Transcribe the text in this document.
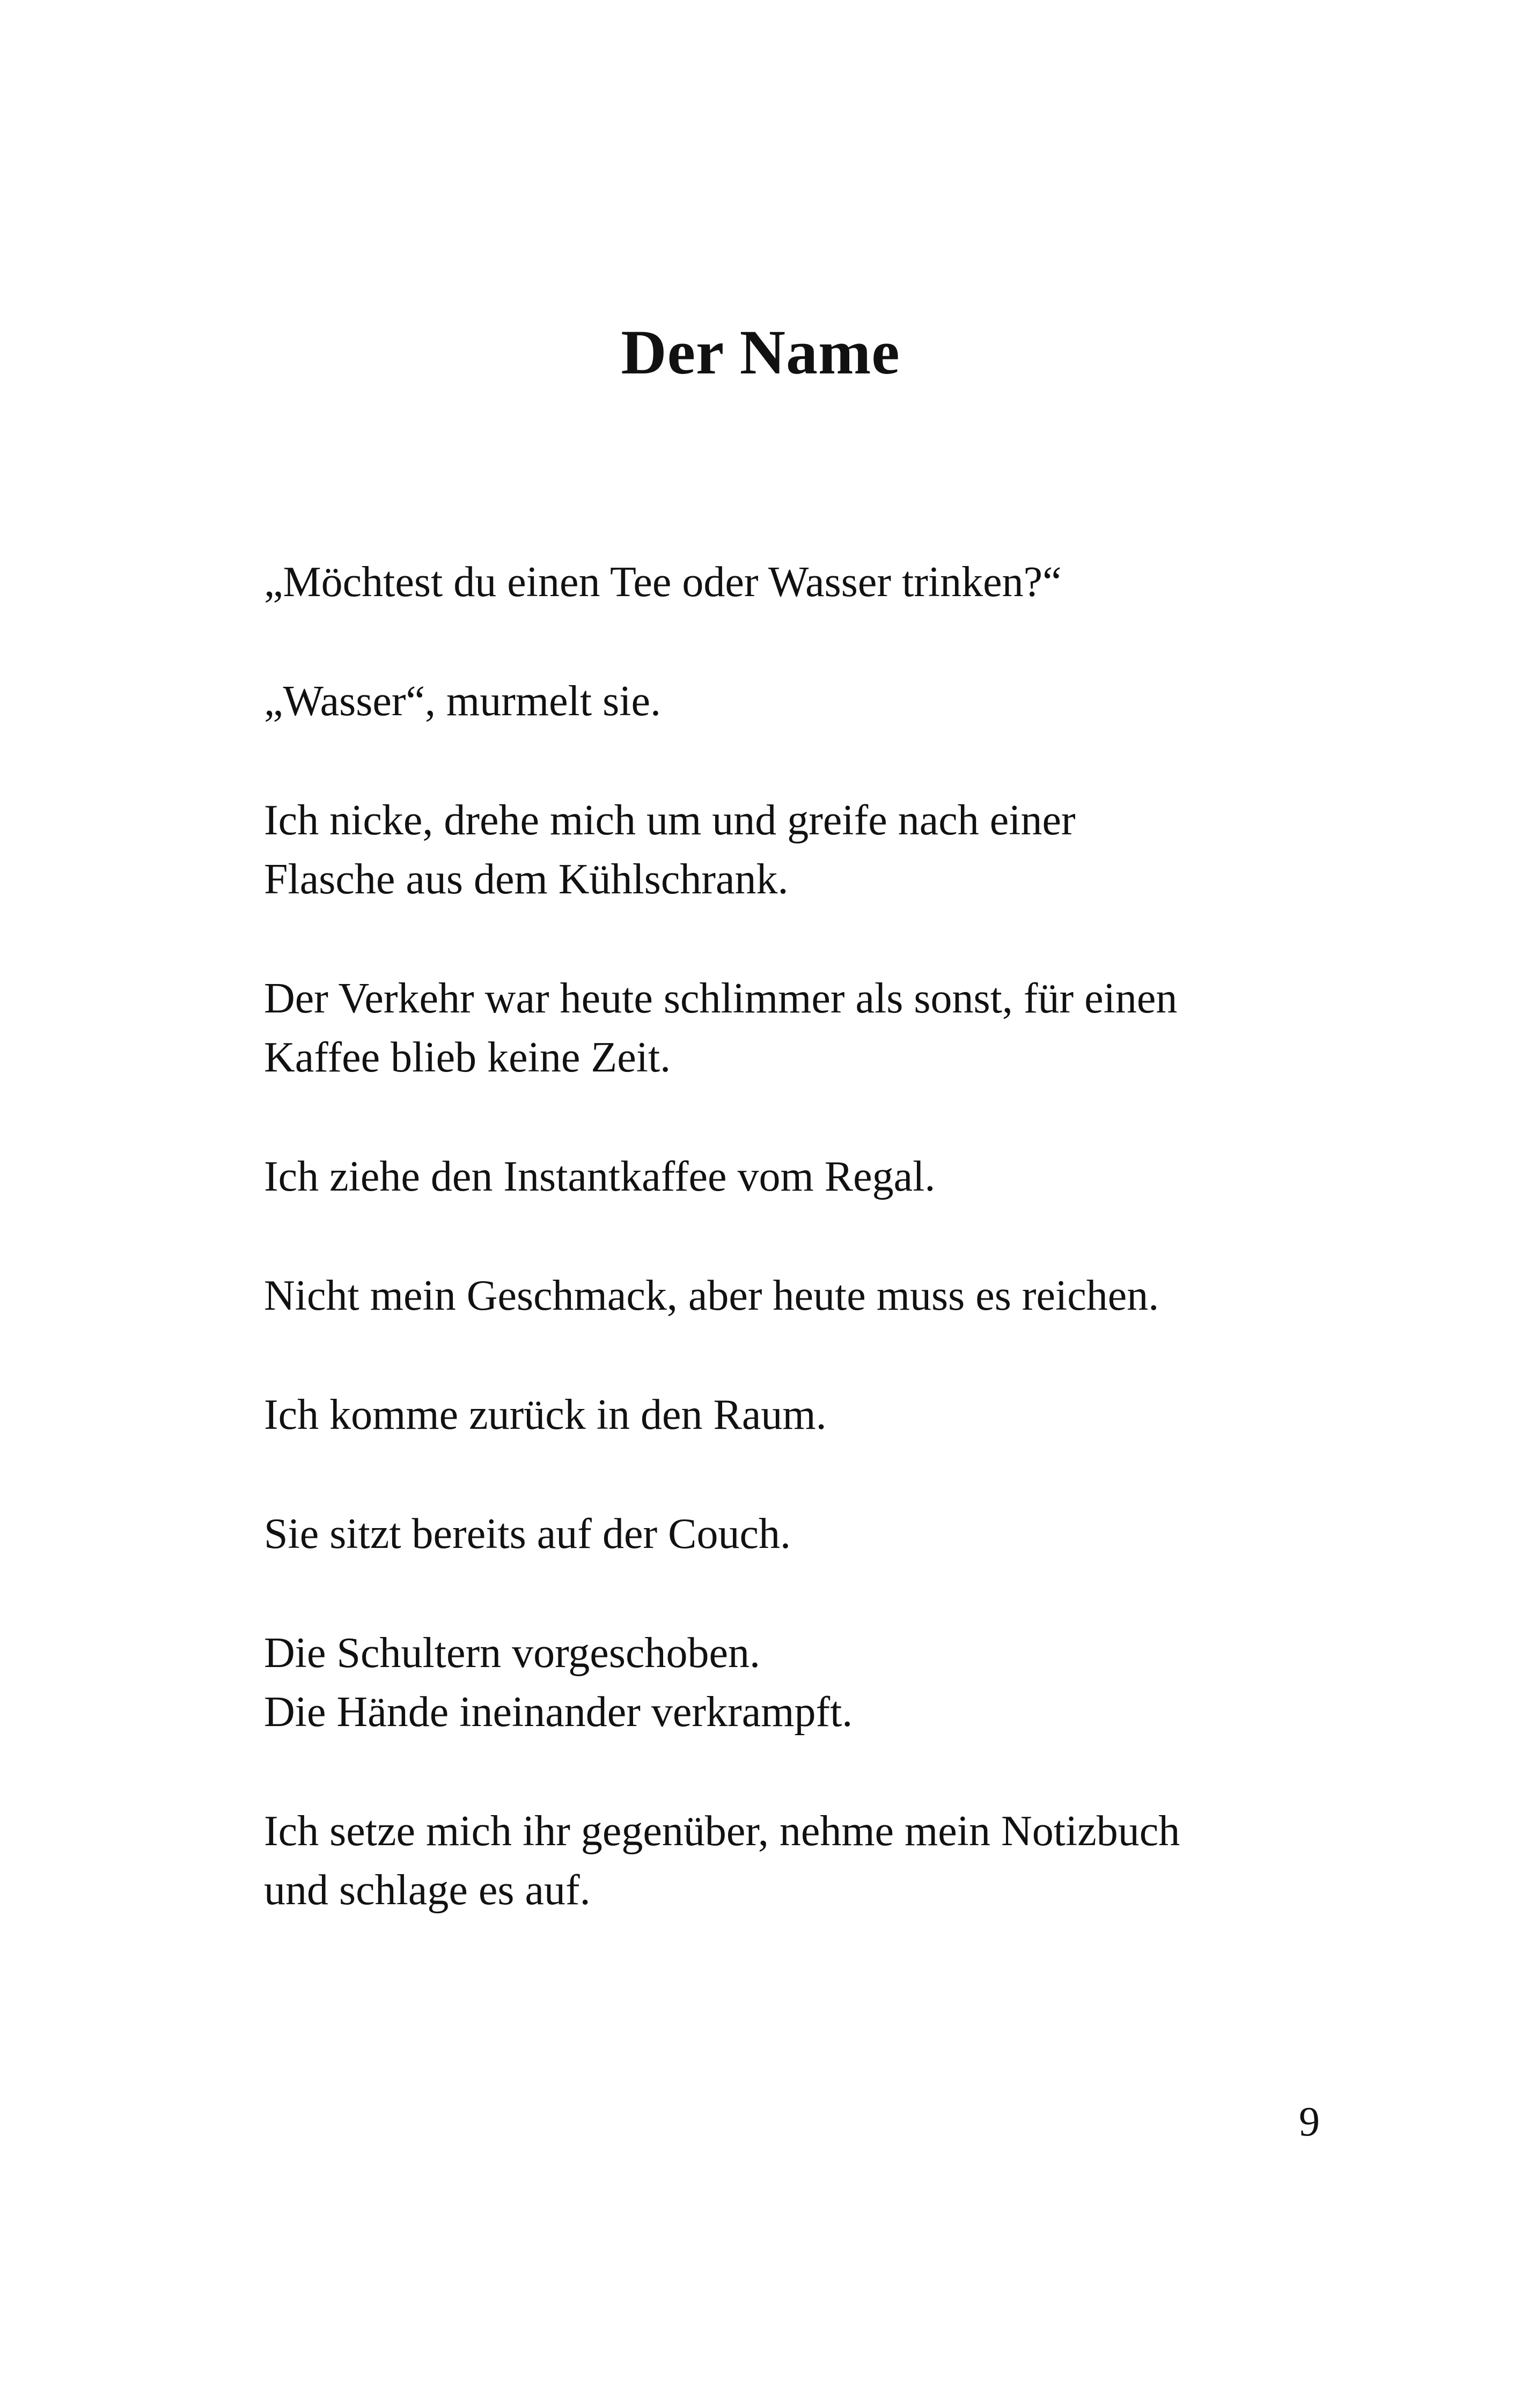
Der Name

„Möchtest du einen Tee oder Wasser trinken?“

„Wasser“, murmelt sie.

Ich nicke, drehe mich um und greife nach einer
Flasche aus dem Kühlschrank.

Der Verkehr war heute schlimmer als sonst, für einen
Kaffee blieb keine Zeit.

Ich ziehe den Instantkaffee vom Regal.

Nicht mein Geschmack, aber heute muss es reichen.

Ich komme zurück in den Raum.

Sie sitzt bereits auf der Couch.

Die Schultern vorgeschoben.
Die Hände ineinander verkrampft.

Ich setze mich ihr gegenüber, nehme mein Notizbuch
und schlage es auf.

9
